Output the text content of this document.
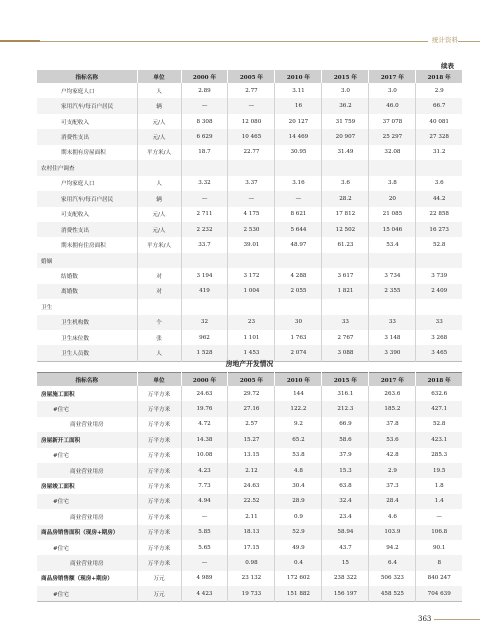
统计资料
续表
指标名称	单位	2000 年	2005 年	2010 年	2015 年	2017 年	2018 年
户均家庭人口	人	2.89	2.77	3.11	3.0	3.0	2.9
家用汽车/每百户居民	辆	—	—	16	36.2	46.0	66.7
可支配收入	元/人	8 308	12 080	20 127	31 759	37 078	40 081
消费性支出	元/人	6 629	10 465	14 469	20 907	25 297	27 328
期末拥有房屋面积	平方米/人	18.7	22.77	30.95	31.49	32.08	31.2
农村住户调查							
户均家庭人口	人	3.32	3.37	3.16	3.6	3.8	3.6
家用汽车/每百户居民	辆	—	—	—	28.2	20	44.2
可支配收入	元/人	2 711	4 175	8 621	17 812	21 085	22 858
消费性支出	元/人	2 232	2 530	5 644	12 502	15 046	16 273
期末拥有住房面积	平方米/人	33.7	39.01	48.97	61.23	53.4	52.8
婚姻							
结婚数	对	3 194	3 172	4 288	3 617	3 734	3 739
离婚数	对	419	1 004	2 055	1 821	2 355	2 409
卫生							
卫生机构数	个	32	23	30	33	33	33
卫生床位数	张	962	1 101	1 763	2 767	3 148	3 268
卫生人员数	人	1 528	1 453	2 074	3 088	3 390	3 465
房地产开发情况
指标名称	单位	2000 年	2005 年	2010 年	2015 年	2017 年	2018 年
房屋施工面积	万平方米	24.63	29.72	144	316.1	263.6	632.6
#住宅	万平方米	19.76	27.16	122.2	212.3	185.2	427.1
商业营业用房	万平方米	4.72	2.57	9.2	66.9	37.8	52.8
房屋新开工面积	万平方米	14.38	15.27	65.2	58.6	53.6	423.1
#住宅	万平方米	10.08	13.15	53.8	37.9	42.8	285.3
商业营业用房	万平方米	4.23	2.12	4.8	15.3	2.9	19.5
房屋竣工面积	万平方米	7.73	24.63	30.4	63.8	37.3	1.8
#住宅	万平方米	4.94	22.52	28.9	32.4	28.4	1.4
商业营业用房	万平方米	—	2.11	0.9	23.4	4.6	—
商品房销售面积（现房+期房）	万平方米	5.85	18.13	52.9	58.94	103.9	106.8
#住宅	万平方米	5.65	17.15	49.9	43.7	94.2	90.1
商业营业用房	万平方米	—	0.98	0.4	15	6.4	8
商品房销售额（现房+期房）	万元	4 989	23 132	172 602	238 322	506 323	840 247
#住宅	万元	4 423	19 733	151 882	156 197	458 525	704 639
363
